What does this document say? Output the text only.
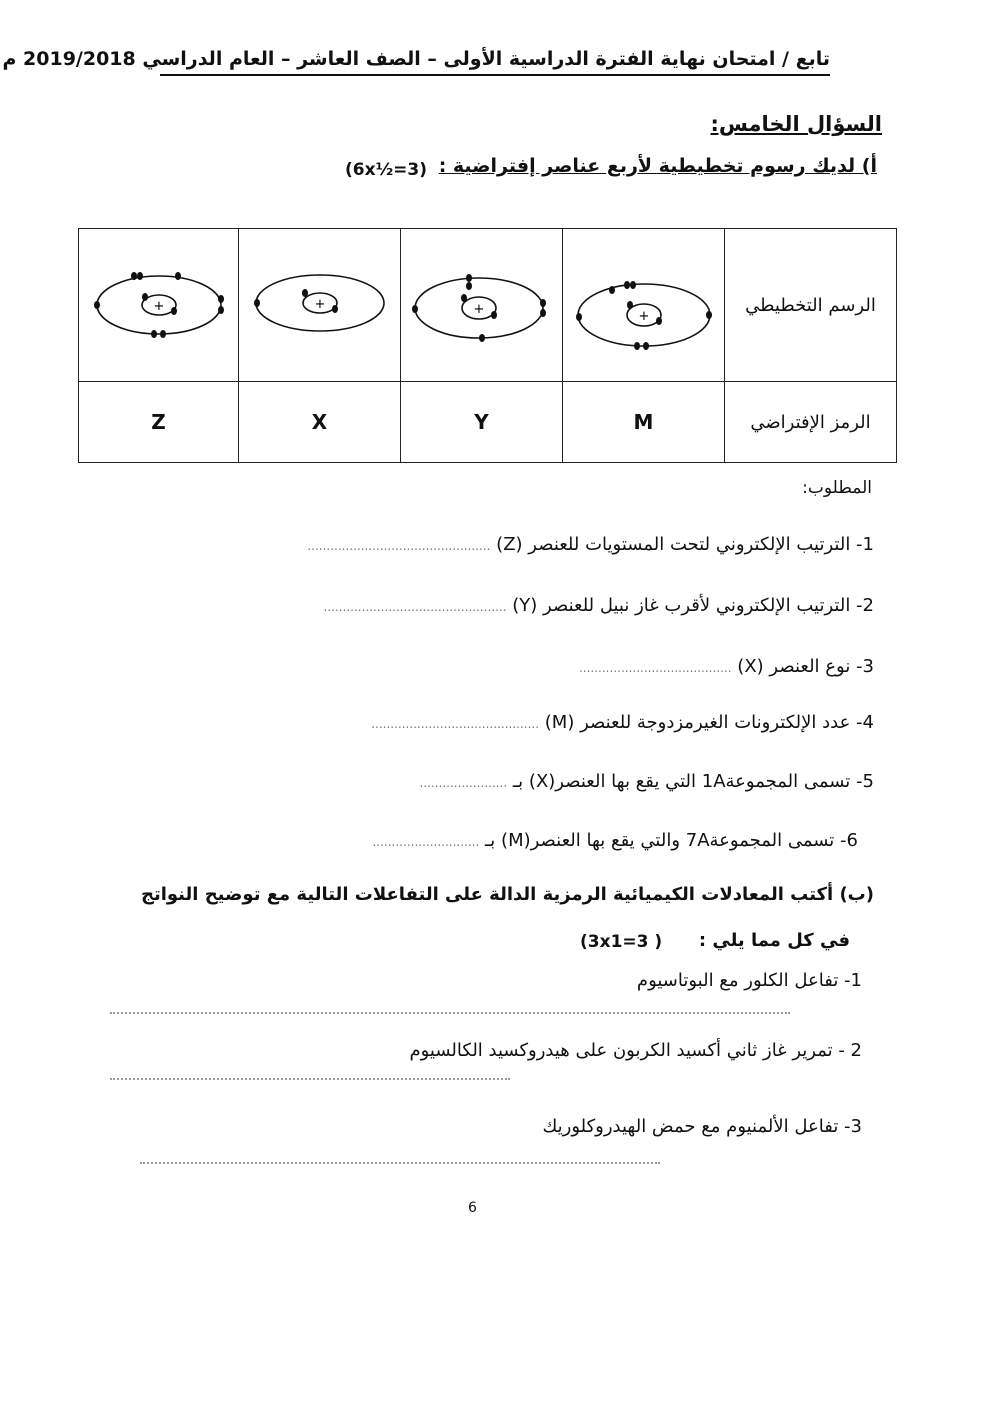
تابع / امتحان نهاية الفترة الدراسية الأولى – الصف العاشر – العام الدراسي 2019/2018 م
السؤال الخامس:
أ) لديك رسوم تخطيطية لأربع عناصر إفتراضية :
(6x½=3)
+	+	+	+	الرسم التخطيطي
Z	X	Y	M	الرمز الإفتراضي
المطلوب:
1- الترتيب الإلكتروني لتحت المستويات للعنصر (Z) ................................................
2- الترتيب الإلكتروني لأقرب غاز نبيل للعنصر (Y) ................................................
3- نوع العنصر (X) ........................................
4- عدد الإلكترونات الغيرمزدوجة للعنصر (M) ............................................
5- تسمى المجموعة1A التي يقع بها العنصر(X) بـ .......................
6- تسمى المجموعة7A والتي يقع بها العنصر(M) بـ ............................
(ب) أكتب المعادلات الكيميائية الرمزية الدالة على التفاعلات التالية مع توضيح النواتج
في كل مما يلي :
(3x1=3 )
1- تفاعل الكلور مع البوتاسيوم
2 - تمرير غاز ثاني أكسيد الكربون على هيدروكسيد الكالسيوم
3- تفاعل الألمنيوم مع حمض الهيدروكلوريك
6
